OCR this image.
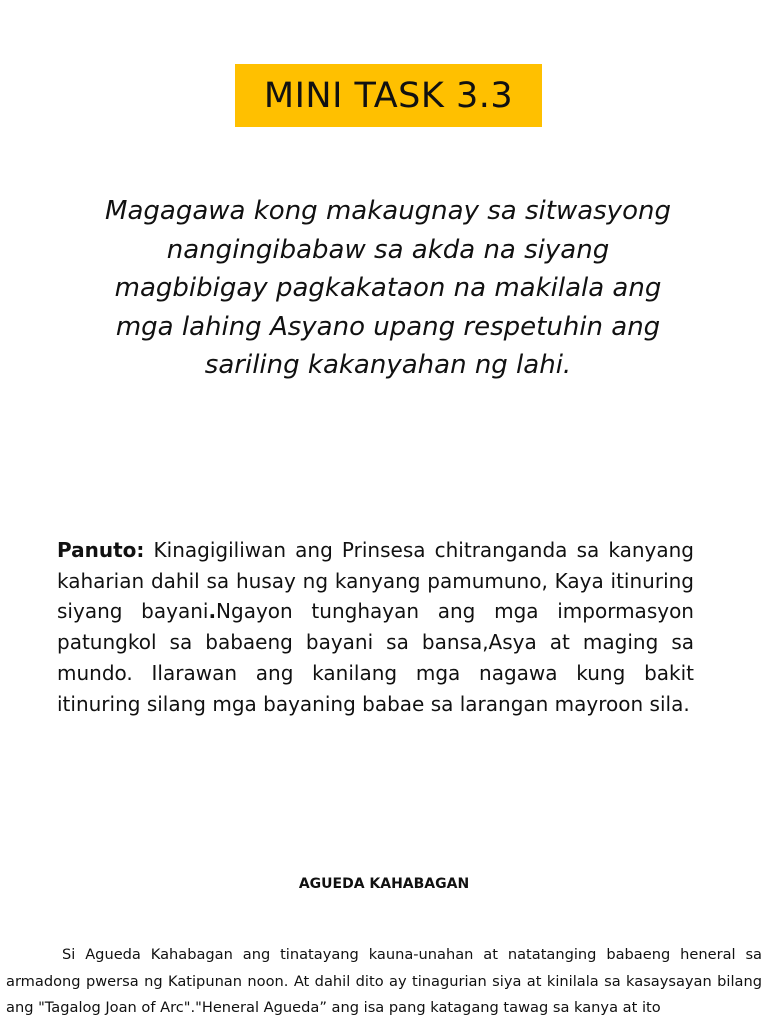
MINI TASK 3.3
Magagawa kong makaugnay sa sitwasyong nangingibabaw sa akda na siyang magbibigay pagkakataon na makilala ang mga lahing Asyano upang respetuhin ang sariling kakanyahan ng lahi.
Panuto: Kinagigiliwan ang Prinsesa chitranganda sa kanyang kaharian dahil sa husay ng kanyang pamumuno, Kaya itinuring siyang bayani.Ngayon tunghayan ang mga impormasyon patungkol sa babaeng bayani sa bansa,Asya at maging sa mundo. Ilarawan ang kanilang mga nagawa kung bakit itinuring silang mga bayaning babae sa larangan mayroon sila.
AGUEDA KAHABAGAN
Si Agueda Kahabagan ang tinatayang kauna-unahan at natatanging babaeng heneral sa armadong pwersa ng Katipunan noon. At dahil dito ay tinagurian siya at kinilala sa kasaysayan bilang ang "Tagalog Joan of Arc"."Heneral Agueda” ang isa pang katagang tawag sa kanya at ito
